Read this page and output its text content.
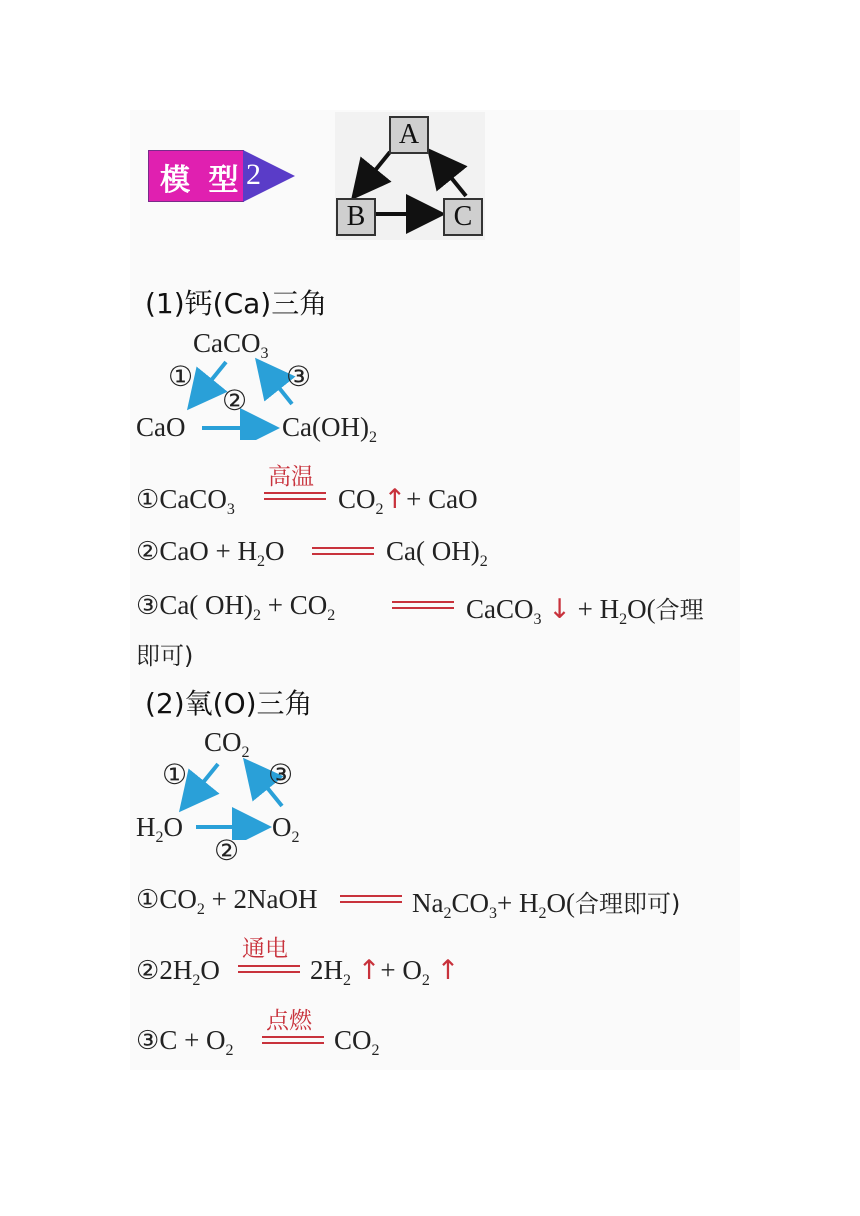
模 型 2
A
B	C
(1)钙(Ca)三角
CaCO$_3$
CaO	$Ca(OH)_2$
①
②
③
①CaCO$_3$
高温
$CO_2↑+$ CaO
②CaO + $H_2O$	Ca( $OH)_2$
③Ca( $OH)_2 + CO_2$	CaCO$_3$ ↓ + $H_2O$(合理
即可)
(2)氧(O)三角
$CO_2$
$H_2O$	$O_2$
①
②
③
$①CO_2$ + 2NaOH	$Na_2CO_3+ H_2O$(合理即可)
$②2H_2O$
通电
$2H_2$ ↑+ $O_2$ ↑
③C + $O_2$
点燃
$CO_2$
